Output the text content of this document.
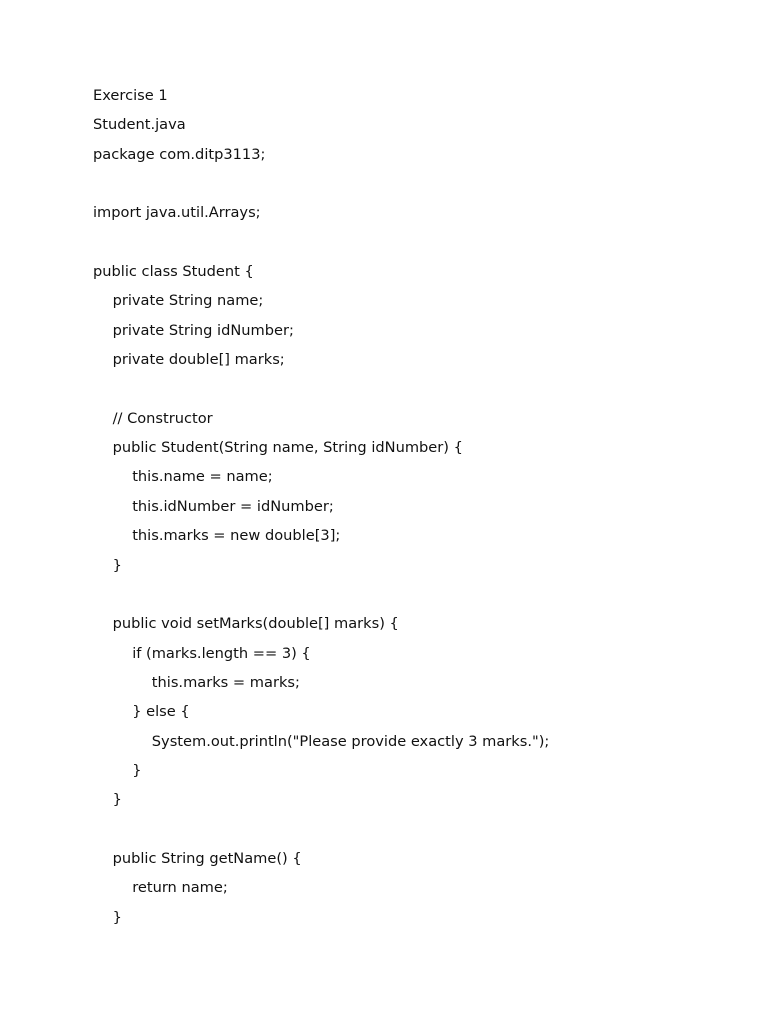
Exercise 1
Student.java
package com.ditp3113;
import java.util.Arrays;
public class Student {
private String name;
private String idNumber;
private double[] marks;
// Constructor
public Student(String name, String idNumber) {
this.name = name;
this.idNumber = idNumber;
this.marks = new double[3];
}
public void setMarks(double[] marks) {
if (marks.length == 3) {
this.marks = marks;
} else {
System.out.println("Please provide exactly 3 marks.");
}
}
public String getName() {
return name;
}
